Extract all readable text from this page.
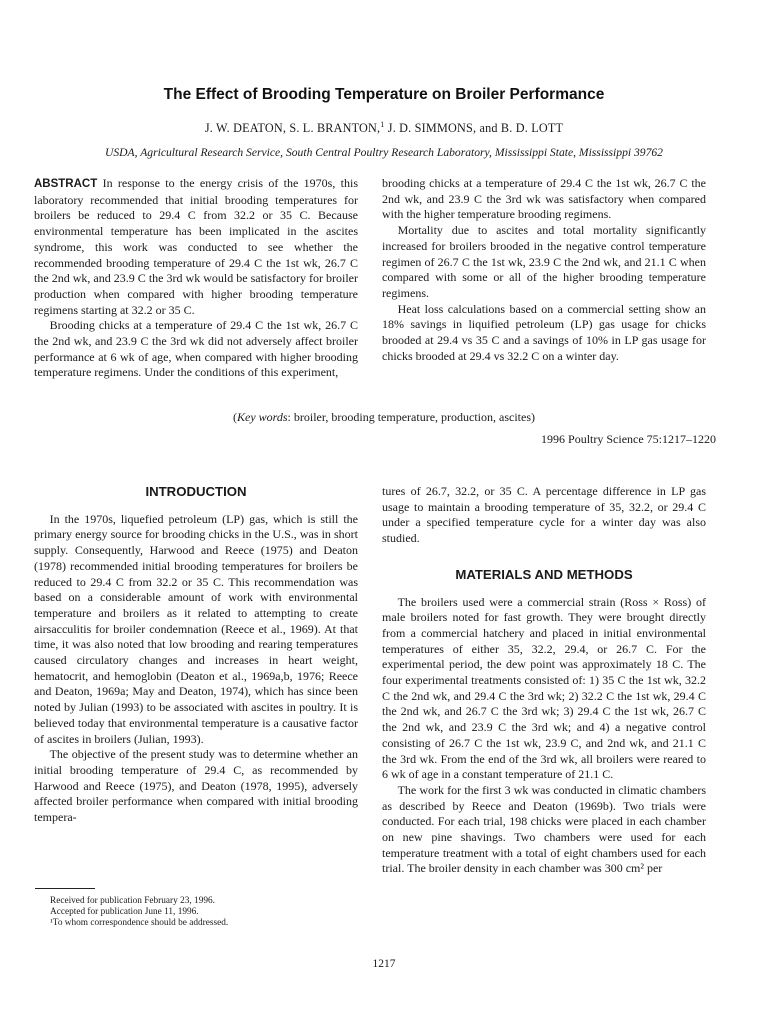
The Effect of Brooding Temperature on Broiler Performance
J. W. DEATON, S. L. BRANTON,$^1$ J. D. SIMMONS, and B. D. LOTT
USDA, Agricultural Research Service, South Central Poultry Research Laboratory, Mississippi State, Mississippi 39762

ABSTRACT In response to the energy crisis of the 1970s, this laboratory recommended that initial brooding temperatures for broilers be reduced to 29.4 C from 32.2 or 35 C. Because environmental temperature has been implicated in the ascites syndrome, this work was conducted to see whether the recommended brooding temperature of 29.4 C the 1st wk, 26.7 C the 2nd wk, and 23.9 C the 3rd wk would be satisfactory for broiler production when compared with higher brooding temperature regimens starting at 32.2 or 35 C.

Brooding chicks at a temperature of 29.4 C the 1st wk, 26.7 C the 2nd wk, and 23.9 C the 3rd wk did not adversely affect broiler performance at 6 wk of age, when compared with higher brooding temperature regimens. Under the conditions of this experiment,

brooding chicks at a temperature of 29.4 C the 1st wk, 26.7 C the 2nd wk, and 23.9 C the 3rd wk was satisfactory when compared with the higher temperature brooding regimens.

Mortality due to ascites and total mortality significantly increased for broilers brooded in the negative control temperature regimen of 26.7 C the 1st wk, 23.9 C the 2nd wk, and 21.1 C when compared with some or all of the higher brooding temperature regimens.

Heat loss calculations based on a commercial setting show an 18% savings in liquified petroleum (LP) gas usage for chicks brooded at 29.4 vs 35 C and a savings of 10% in LP gas usage for chicks brooded at 29.4 vs 32.2 C on a winter day.

(Key words: broiler, brooding temperature, production, ascites)
1996 Poultry Science 75:1217–1220
INTRODUCTION

In the 1970s, liquefied petroleum (LP) gas, which is still the primary energy source for brooding chicks in the U.S., was in short supply. Consequently, Harwood and Reece (1975) and Deaton (1978) recommended initial brooding temperatures for broilers be reduced to 29.4 C from 32.2 or 35 C. This recommendation was based on a considerable amount of work with environmental temperature and broilers as it related to attempting to create airsacculitis for broiler condemnation (Reece et al., 1969). At that time, it was also noted that low brooding and rearing temperatures caused circulatory changes and increases in heart weight, hematocrit, and hemoglobin (Deaton et al., 1969a,b, 1976; Reece and Deaton, 1969a; May and Deaton, 1974), which has since been noted by Julian (1993) to be associated with ascites in poultry. It is believed today that environmental temperature is a causative factor of ascites in broilers (Julian, 1993).

The objective of the present study was to determine whether an initial brooding temperature of 29.4 C, as recommended by Harwood and Reece (1975), and Deaton (1978, 1995), adversely affected broiler performance when compared with initial brooding tempera-

tures of 26.7, 32.2, or 35 C. A percentage difference in LP gas usage to maintain a brooding temperature of 35, 32.2, or 29.4 C under a specified temperature cycle for a winter day was also studied.

MATERIALS AND METHODS

The broilers used were a commercial strain (Ross × Ross) of male broilers noted for fast growth. They were brought directly from a commercial hatchery and placed in initial environmental temperatures of either 35, 32.2, 29.4, or 26.7 C. For the experimental period, the dew point was approximately 18 C. The four experimental treatments consisted of: 1) 35 C the 1st wk, 32.2 C the 2nd wk, and 29.4 C the 3rd wk; 2) 32.2 C the 1st wk, 29.4 C the 2nd wk, and 26.7 C the 3rd wk; 3) 29.4 C the 1st wk, 26.7 C the 2nd wk, and 23.9 C the 3rd wk; and 4) a negative control consisting of 26.7 C the 1st wk, 23.9 C, and 2nd wk, and 21.1 C the 3rd wk. From the end of the 3rd wk, all broilers were reared to 6 wk of age in a constant temperature of 21.1 C.

The work for the first 3 wk was conducted in climatic chambers as described by Reece and Deaton (1969b). Two trials were conducted. For each trial, 198 chicks were placed in each chamber on new pine shavings. Two chambers were used for each temperature treatment with a total of eight chambers used for each trial. The broiler density in each chamber was 300 cm² per

Received for publication February 23, 1996.
Accepted for publication June 11, 1996.
¹To whom correspondence should be addressed.
1217
